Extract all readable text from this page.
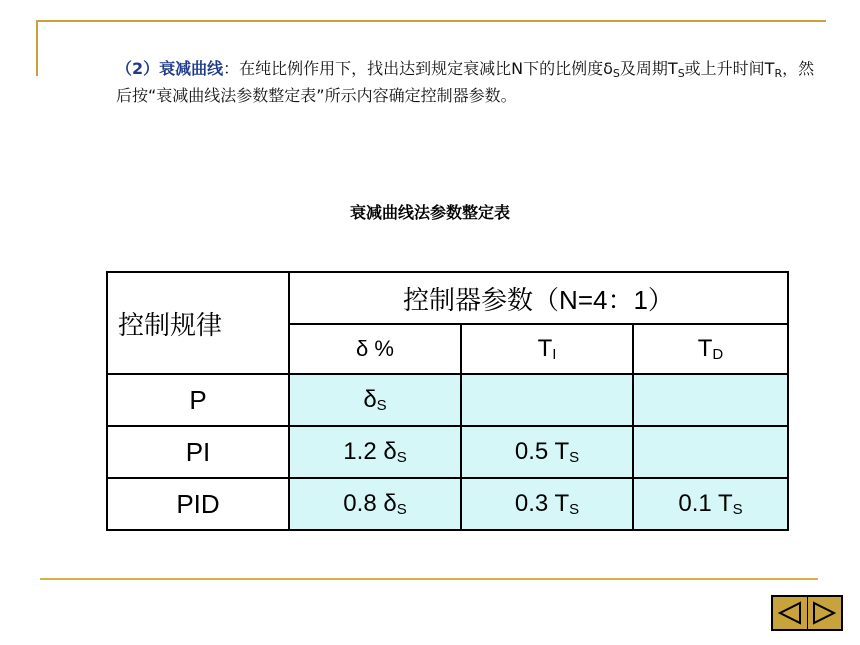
（2）衰减曲线：在纯比例作用下，找出达到规定衰减比N下的比例度$\delta_S$及周期$T_S$或上升时间$T_R$，然后按“衰减曲线法参数整定表”所示内容确定控制器参数。
衰减曲线法参数整定表
控制规律	控制器参数（N=4：1）		
	δ %	$T_I$	$T_D$
P	$\delta_S$		
PI	1.2 $\delta_S$	0.5 $T_S$	
PID	0.8 $\delta_S$	0.3 $T_S$	0.1 $T_S$
